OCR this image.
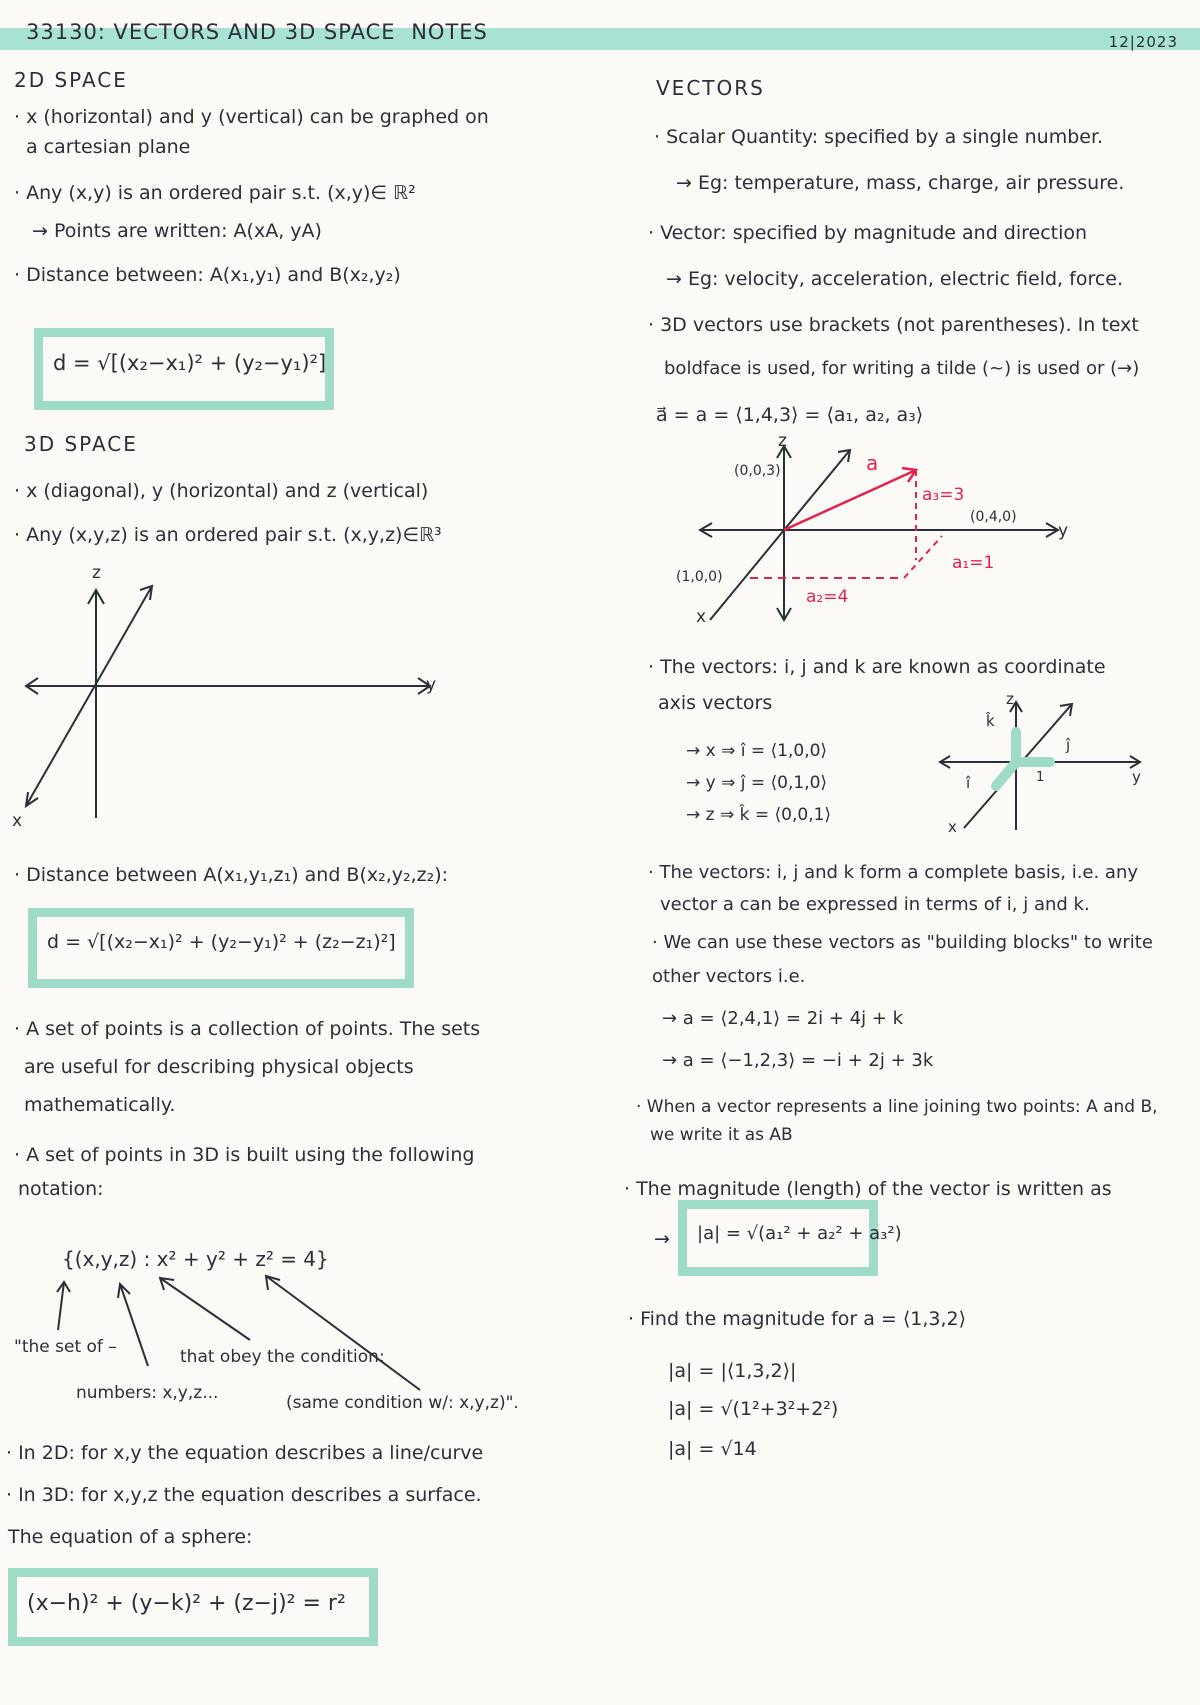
33130: VECTORS AND 3D SPACE NOTES	12|2023
2D SPACE
· x (horizontal) and y (vertical) can be graphed on
a cartesian plane
· Any (x,y) is an ordered pair s.t. (x,y)∈ ℝ²
→ Points are written: A(xA, yA)
· Distance between: A(x₁,y₁) and B(x₂,y₂)
d = √[(x₂−x₁)² + (y₂−y₁)²]
3D SPACE
· x (diagonal), y (horizontal) and z (vertical)
· Any (x,y,z) is an ordered pair s.t. (x,y,z)∈ℝ³
z
y
x
· Distance between A(x₁,y₁,z₁) and B(x₂,y₂,z₂):
d = √[(x₂−x₁)² + (y₂−y₁)² + (z₂−z₁)²]
· A set of points is a collection of points. The sets
are useful for describing physical objects
mathematically.
· A set of points in 3D is built using the following
notation:
{(x,y,z) : x² + y² + z² = 4}
"the set of –	that obey the condition:
numbers: x,y,z...	(same condition w/: x,y,z)".
· In 2D: for x,y the equation describes a line/curve
· In 3D: for x,y,z the equation describes a surface.
The equation of a sphere:
(x−h)² + (y−k)² + (z−j)² = r²
VECTORS
· Scalar Quantity: specified by a single number.
→ Eg: temperature, mass, charge, air pressure.
· Vector: specified by magnitude and direction
→ Eg: velocity, acceleration, electric field, force.
· 3D vectors use brackets (not parentheses). In text
boldface is used, for writing a tilde (~) is used or (→)
a⃗ = a = ⟨1,4,3⟩ = ⟨a₁, a₂, a₃⟩
z
y
x
(0,0,3)
(0,4,0)
(1,0,0)
a
a₃=3
a₁=1
a₂=4
· The vectors: i, j and k are known as coordinate
axis vectors
→ x ⇒ î = ⟨1,0,0⟩
→ y ⇒ ĵ = ⟨0,1,0⟩
→ z ⇒ k̂ = ⟨0,0,1⟩
z
y
x
k̂
ĵ
î	1
· The vectors: i, j and k form a complete basis, i.e. any
vector a can be expressed in terms of i, j and k.
· We can use these vectors as "building blocks" to write
other vectors i.e.
→ a = ⟨2,4,1⟩ = 2i + 4j + k
→ a = ⟨−1,2,3⟩ = −i + 2j + 3k
· When a vector represents a line joining two points: A and B,
we write it as AB
· The magnitude (length) of the vector is written as
→	|a| = √(a₁² + a₂² + a₃²)
· Find the magnitude for a = ⟨1,3,2⟩
|a| = |⟨1,3,2⟩|
|a| = √(1²+3²+2²)
|a| = √14
